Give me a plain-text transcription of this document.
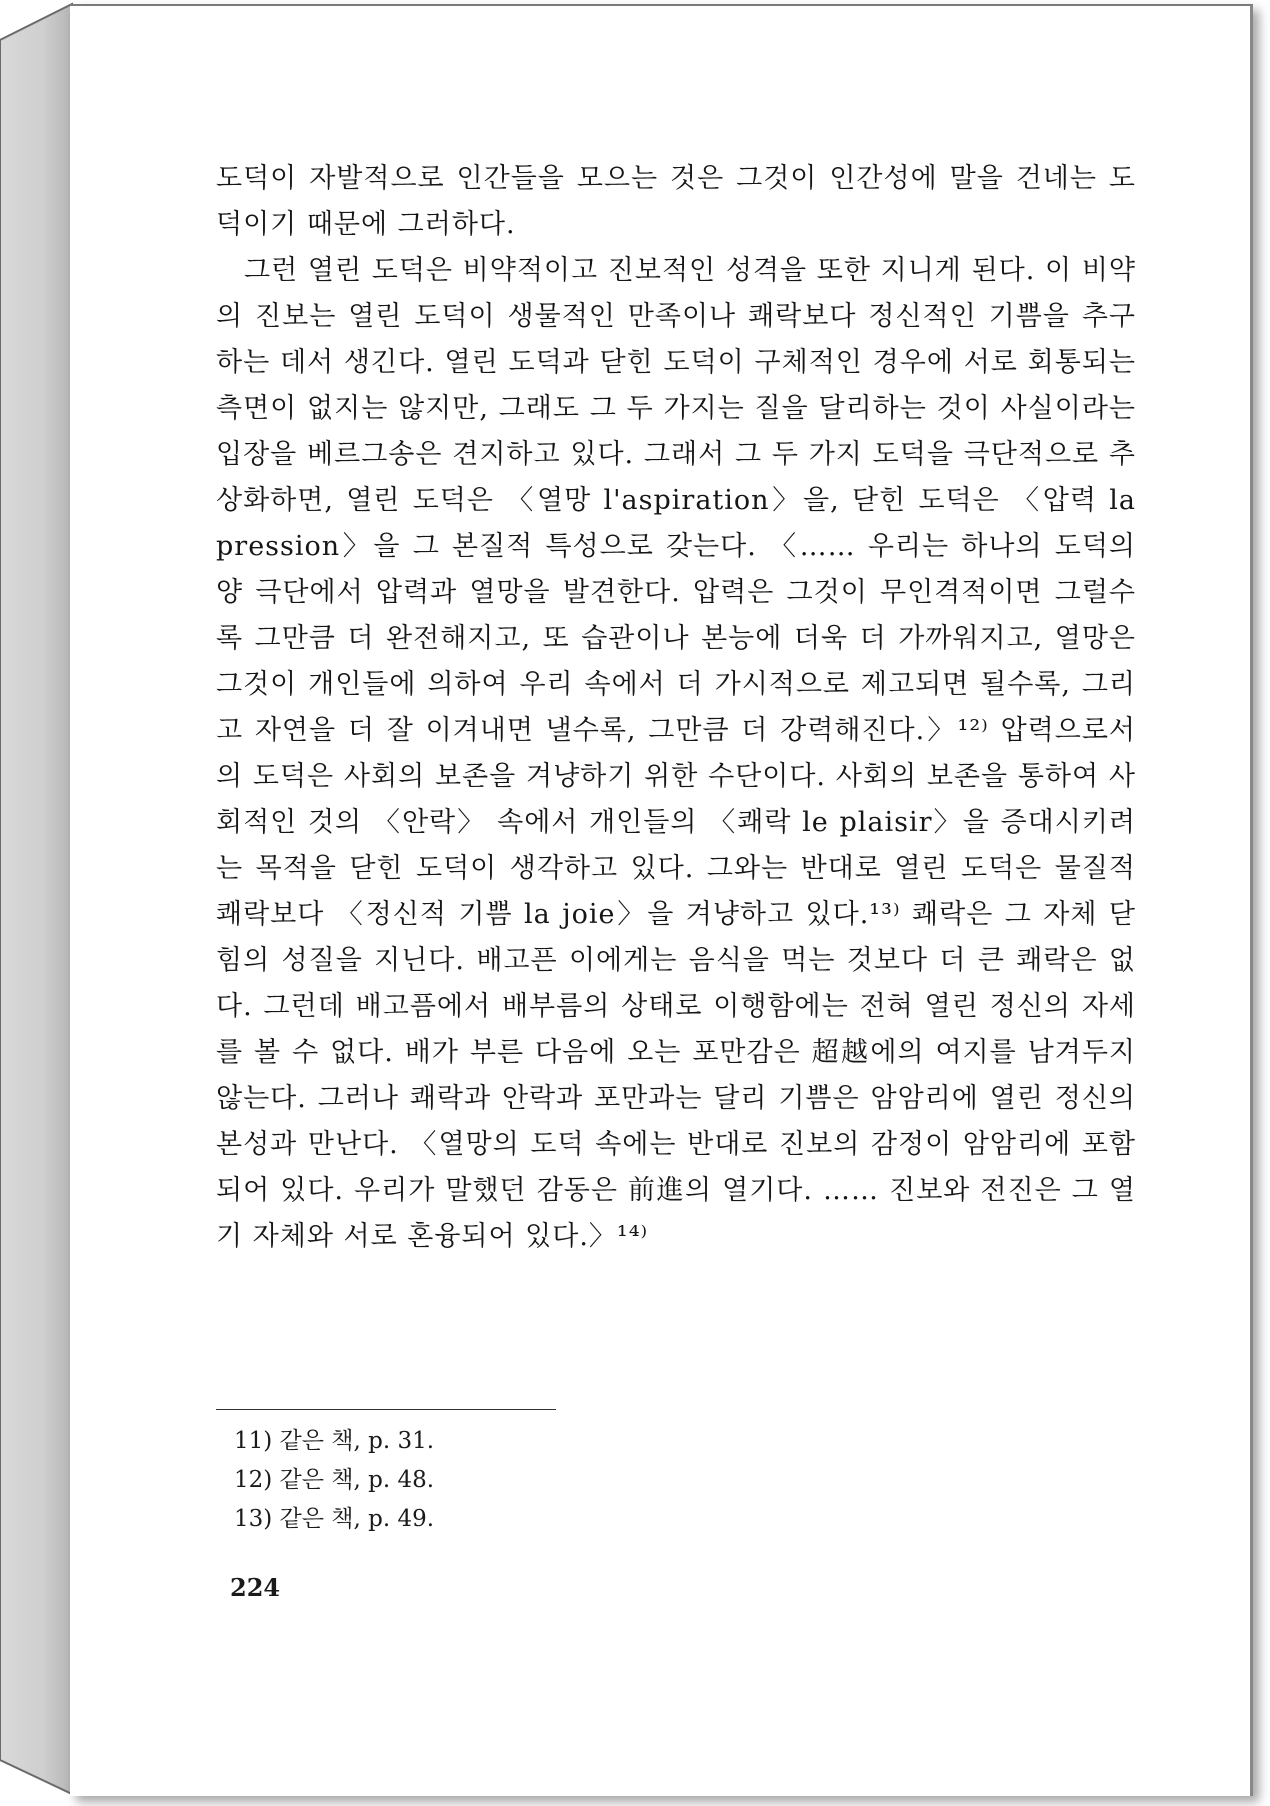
도덕이 자발적으로 인간들을 모으는 것은 그것이 인간성에 말을 건네는 도덕이기 때문에 그러하다.

그런 열린 도덕은 비약적이고 진보적인 성격을 또한 지니게 된다. 이 비약의 진보는 열린 도덕이 생물적인 만족이나 쾌락보다 정신적인 기쁨을 추구하는 데서 생긴다. 열린 도덕과 닫힌 도덕이 구체적인 경우에 서로 회통되는 측면이 없지는 않지만, 그래도 그 두 가지는 질을 달리하는 것이 사실이라는 입장을 베르그송은 견지하고 있다. 그래서 그 두 가지 도덕을 극단적으로 추상화하면, 열린 도덕은 〈열망 l'aspiration〉을, 닫힌 도덕은 〈압력 la pression〉을 그 본질적 특성으로 갖는다. 〈…… 우리는 하나의 도덕의 양 극단에서 압력과 열망을 발견한다. 압력은 그것이 무인격적이면 그럴수록 그만큼 더 완전해지고, 또 습관이나 본능에 더욱 더 가까워지고, 열망은 그것이 개인들에 의하여 우리 속에서 더 가시적으로 제고되면 될수록, 그리고 자연을 더 잘 이겨내면 낼수록, 그만큼 더 강력해진다.〉¹²⁾ 압력으로서의 도덕은 사회의 보존을 겨냥하기 위한 수단이다. 사회의 보존을 통하여 사회적인 것의 〈안락〉 속에서 개인들의 〈쾌락 le plaisir〉을 증대시키려는 목적을 닫힌 도덕이 생각하고 있다. 그와는 반대로 열린 도덕은 물질적 쾌락보다 〈정신적 기쁨 la joie〉을 겨냥하고 있다.¹³⁾ 쾌락은 그 자체 닫힘의 성질을 지닌다. 배고픈 이에게는 음식을 먹는 것보다 더 큰 쾌락은 없다. 그런데 배고픔에서 배부름의 상태로 이행함에는 전혀 열린 정신의 자세를 볼 수 없다. 배가 부른 다음에 오는 포만감은 超越에의 여지를 남겨두지 않는다. 그러나 쾌락과 안락과 포만과는 달리 기쁨은 암암리에 열린 정신의 본성과 만난다. 〈열망의 도덕 속에는 반대로 진보의 감정이 암암리에 포함되어 있다. 우리가 말했던 감동은 前進의 열기다. …… 진보와 전진은 그 열기 자체와 서로 혼융되어 있다.〉¹⁴⁾

11) 같은 책, p. 31.
12) 같은 책, p. 48.
13) 같은 책, p. 49.
224
